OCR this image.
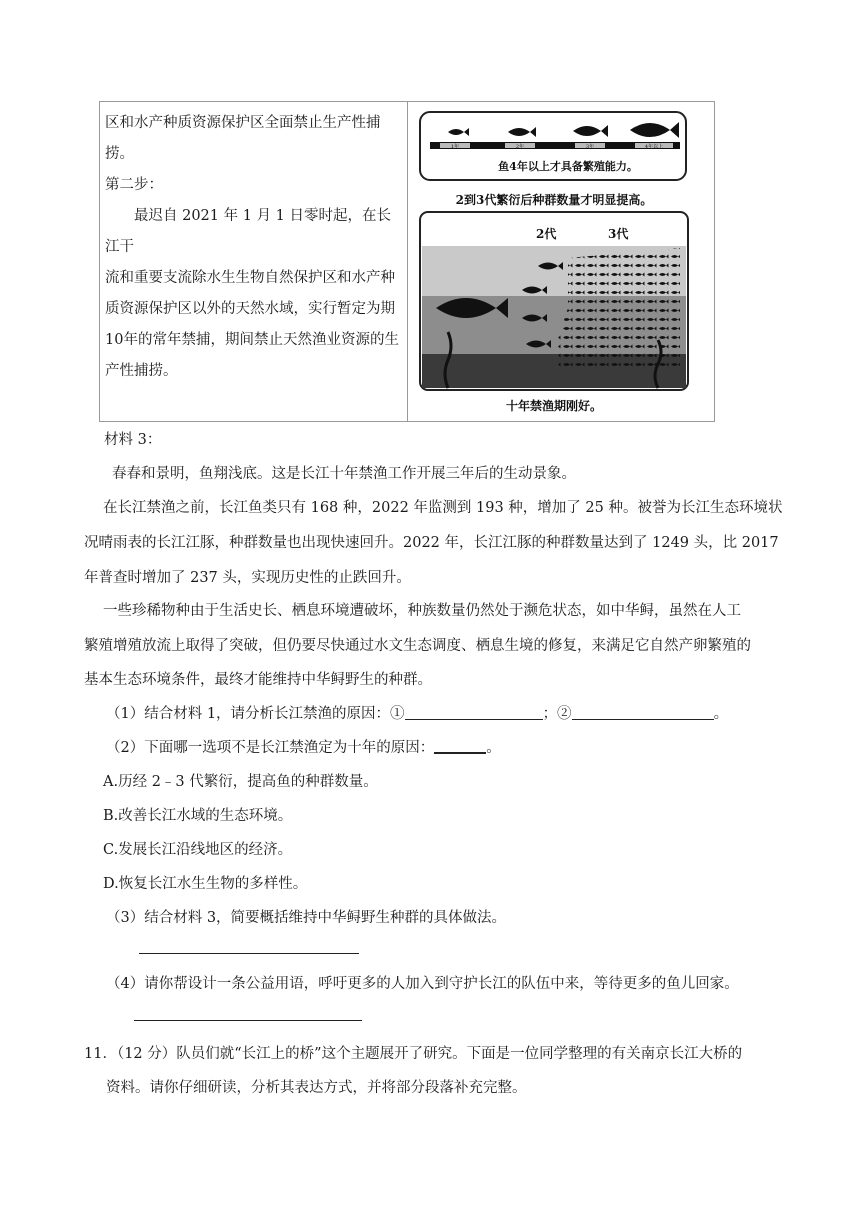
区和水产种质资源保护区全面禁止生产性捕

捞。

第二步：

最迟自 2021 年 1 月 1 日零时起，在长江干

流和重要支流除水生生物自然保护区和水产种

质资源保护区以外的天然水域，实行暂定为期

10年的常年禁捕，期间禁止天然渔业资源的生

产性捕捞。

1年	2年	3年	4年以上
鱼4年以上才具备繁殖能力。
2到3代繁衍后种群数量才明显提高。
2代	3代
十年禁渔期刚好。
材料 3：
春春和景明，鱼翔浅底。这是长江十年禁渔工作开展三年后的生动景象。
在长江禁渔之前，长江鱼类只有 168 种，2022 年监测到 193 种，增加了 25 种。被誉为长江生态环境状
况晴雨表的长江江豚，种群数量也出现快速回升。2022 年，长江江豚的种群数量达到了 1249 头，比 2017
年普查时增加了 237 头，实现历史性的止跌回升。
一些珍稀物种由于生活史长、栖息环境遭破坏，种族数量仍然处于濒危状态，如中华鲟，虽然在人工
繁殖增殖放流上取得了突破，但仍要尽快通过水文生态调度、栖息生境的修复，来满足它自然产卵繁殖的
基本生态环境条件，最终才能维持中华鲟野生的种群。
（1）结合材料 1，请分析长江禁渔的原因：①	；②	。
（2）下面哪一选项不是长江禁渔定为十年的原因：	。
A.历经 2﹣3 代繁衍，提高鱼的种群数量。
B.改善长江水域的生态环境。
C.发展长江沿线地区的经济。
D.恢复长江水生生物的多样性。
（3）结合材料 3，简要概括维持中华鲟野生种群的具体做法。
（4）请你帮设计一条公益用语，呼吁更多的人加入到守护长江的队伍中来，等待更多的鱼儿回家。
11．（12 分）队员们就“长江上的桥”这个主题展开了研究。下面是一位同学整理的有关南京长江大桥的
资料。请你仔细研读，分析其表达方式，并将部分段落补充完整。
